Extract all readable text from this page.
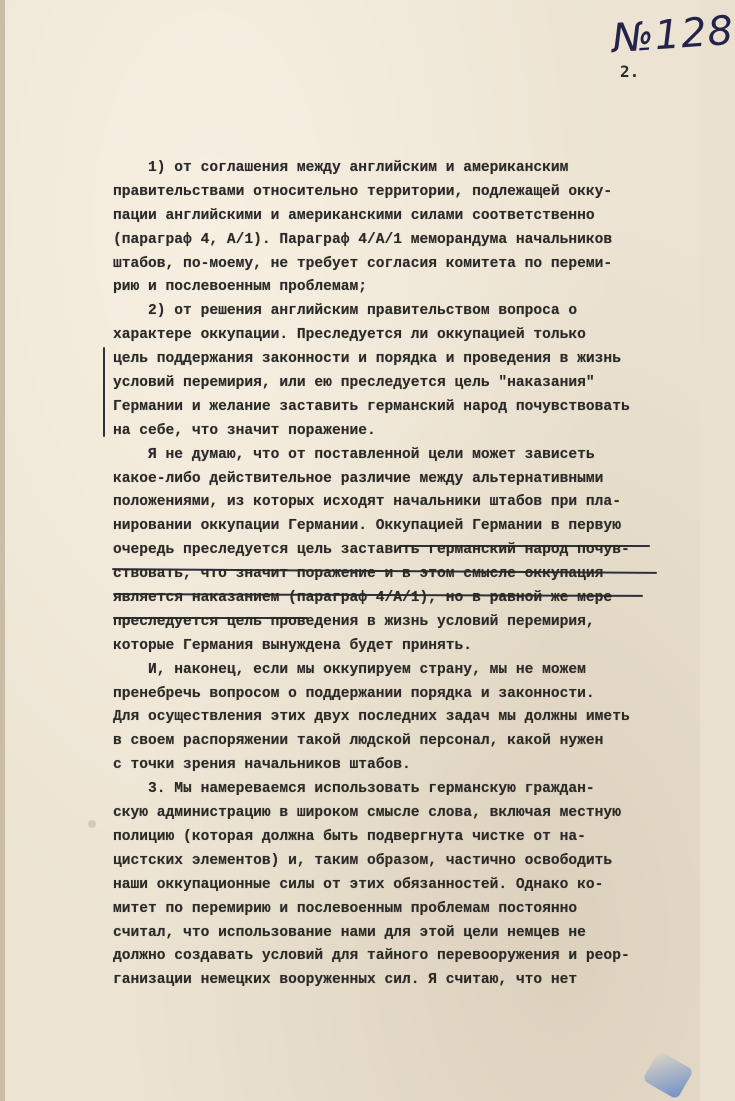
№128
2.
1) от соглашения между английским и американским
правительствами относительно территории, подлежащей окку-
пации английскими и американскими силами соответственно
(параграф 4, А/1). Параграф 4/А/1 меморандума начальников
штабов, по-моему, не требует согласия комитета по переми-
рию и послевоенным проблемам;
2) от решения английским правительством вопроса о
характере оккупации. Преследуется ли оккупацией только
цель поддержания законности и порядка и проведения в жизнь
условий перемирия, или ею преследуется цель "наказания"
Германии и желание заставить германский народ почувствовать
на себе, что значит поражение.
Я не думаю, что от поставленной цели может зависеть
какое-либо действительное различие между альтернативными
положениями, из которых исходят начальники штабов при пла-
нировании оккупации Германии. Оккупацией Германии в первую
очередь преследуется цель заставить германский народ почув-
ствовать, что значит поражение и в этом смысле оккупация
является наказанием (параграф 4/А/1), но в равной же мере
преследуется цель проведения в жизнь условий перемирия,
которые Германия вынуждена будет принять.
И, наконец, если мы оккупируем страну, мы не можем
пренебречь вопросом о поддержании порядка и законности.
Для осуществления этих двух последних задач мы должны иметь
в своем распоряжении такой людской персонал, какой нужен
с точки зрения начальников штабов.
3. Мы намереваемся использовать германскую граждан-
скую администрацию в широком смысле слова, включая местную
полицию (которая должна быть подвергнута чистке от на-
цистских элементов) и, таким образом, частично освободить
наши оккупационные силы от этих обязанностей. Однако ко-
митет по перемирию и послевоенным проблемам постоянно
считал, что использование нами для этой цели немцев не
должно создавать условий для тайного перевооружения и реор-
ганизации немецких вооруженных сил. Я считаю, что нет
